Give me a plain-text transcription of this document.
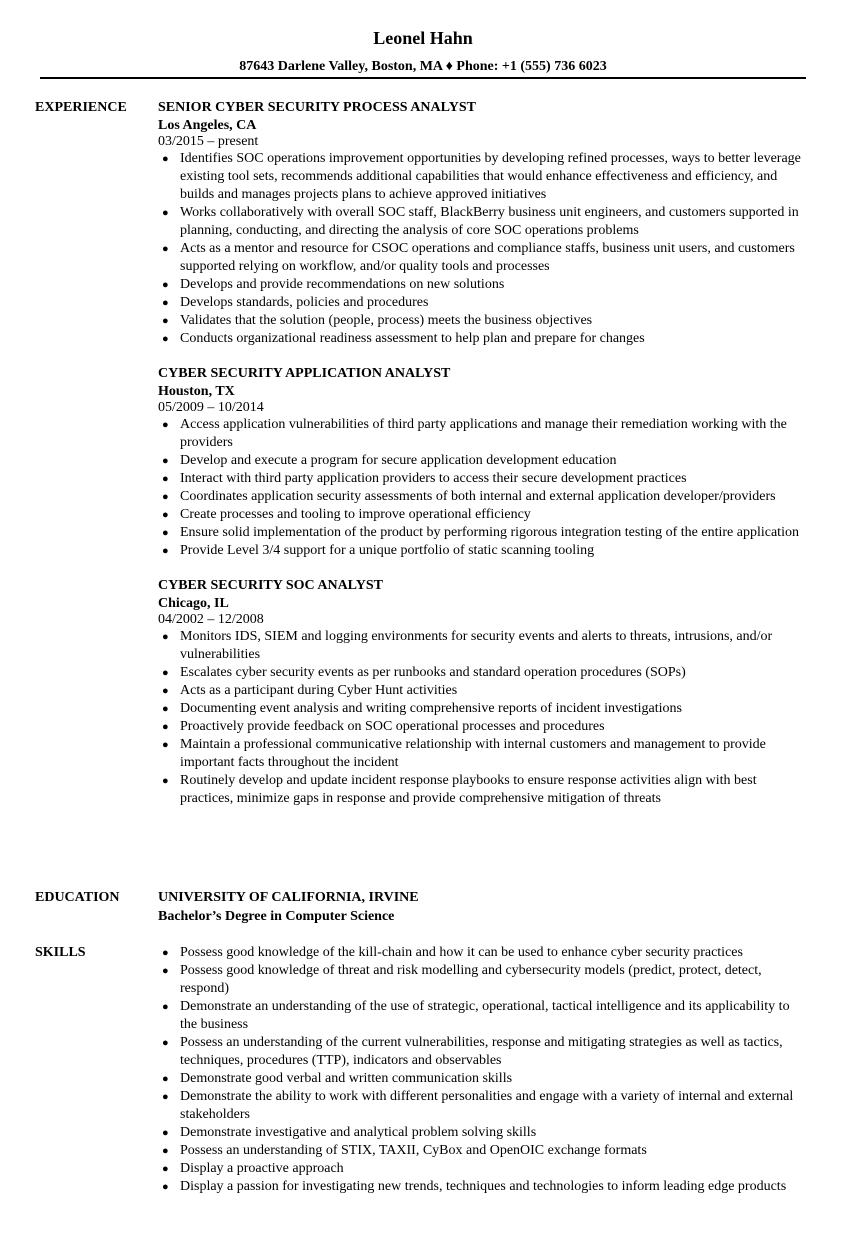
Leonel Hahn
87643 Darlene Valley, Boston, MA ♦ Phone: +1 (555) 736 6023
EXPERIENCE SENIOR CYBER SECURITY PROCESS ANALYST
Los Angeles, CA
03/2015 – present
● Identifies SOC operations improvement opportunities by developing refined processes, ways to better leverage existing tool sets, recommends additional capabilities that would enhance effectiveness and efficiency, and builds and manages projects plans to achieve approved initiatives
● Works collaboratively with overall SOC staff, BlackBerry business unit engineers, and customers supported in planning, conducting, and directing the analysis of core SOC operations problems
● Acts as a mentor and resource for CSOC operations and compliance staffs, business unit users, and customers supported relying on workflow, and/or quality tools and processes
● Develops and provide recommendations on new solutions
● Develops standards, policies and procedures
● Validates that the solution (people, process) meets the business objectives
● Conducts organizational readiness assessment to help plan and prepare for changes
CYBER SECURITY APPLICATION ANALYST
Houston, TX
05/2009 – 10/2014
● Access application vulnerabilities of third party applications and manage their remediation working with the providers
● Develop and execute a program for secure application development education
● Interact with third party application providers to access their secure development practices
● Coordinates application security assessments of both internal and external application developer/providers
● Create processes and tooling to improve operational efficiency
● Ensure solid implementation of the product by performing rigorous integration testing of the entire application
● Provide Level 3/4 support for a unique portfolio of static scanning tooling
CYBER SECURITY SOC ANALYST
Chicago, IL
04/2002 – 12/2008
● Monitors IDS, SIEM and logging environments for security events and alerts to threats, intrusions, and/or vulnerabilities
● Escalates cyber security events as per runbooks and standard operation procedures (SOPs)
● Acts as a participant during Cyber Hunt activities
● Documenting event analysis and writing comprehensive reports of incident investigations
● Proactively provide feedback on SOC operational processes and procedures
● Maintain a professional communicative relationship with internal customers and management to provide important facts throughout the incident
● Routinely develop and update incident response playbooks to ensure response activities align with best practices, minimize gaps in response and provide comprehensive mitigation of threats
EDUCATION	UNIVERSITY OF CALIFORNIA, IRVINE
Bachelor’s Degree in Computer Science
SKILLS	● Possess good knowledge of the kill-chain and how it can be used to enhance cyber security practices
● Possess good knowledge of threat and risk modelling and cybersecurity models (predict, protect, detect, respond)
● Demonstrate an understanding of the use of strategic, operational, tactical intelligence and its applicability to the business
● Possess an understanding of the current vulnerabilities, response and mitigating strategies as well as tactics, techniques, procedures (TTP), indicators and observables
● Demonstrate good verbal and written communication skills
● Demonstrate the ability to work with different personalities and engage with a variety of internal and external stakeholders
● Demonstrate investigative and analytical problem solving skills
● Possess an understanding of STIX, TAXII, CyBox and OpenOIC exchange formats
● Display a proactive approach
● Display a passion for investigating new trends, techniques and technologies to inform leading edge products
